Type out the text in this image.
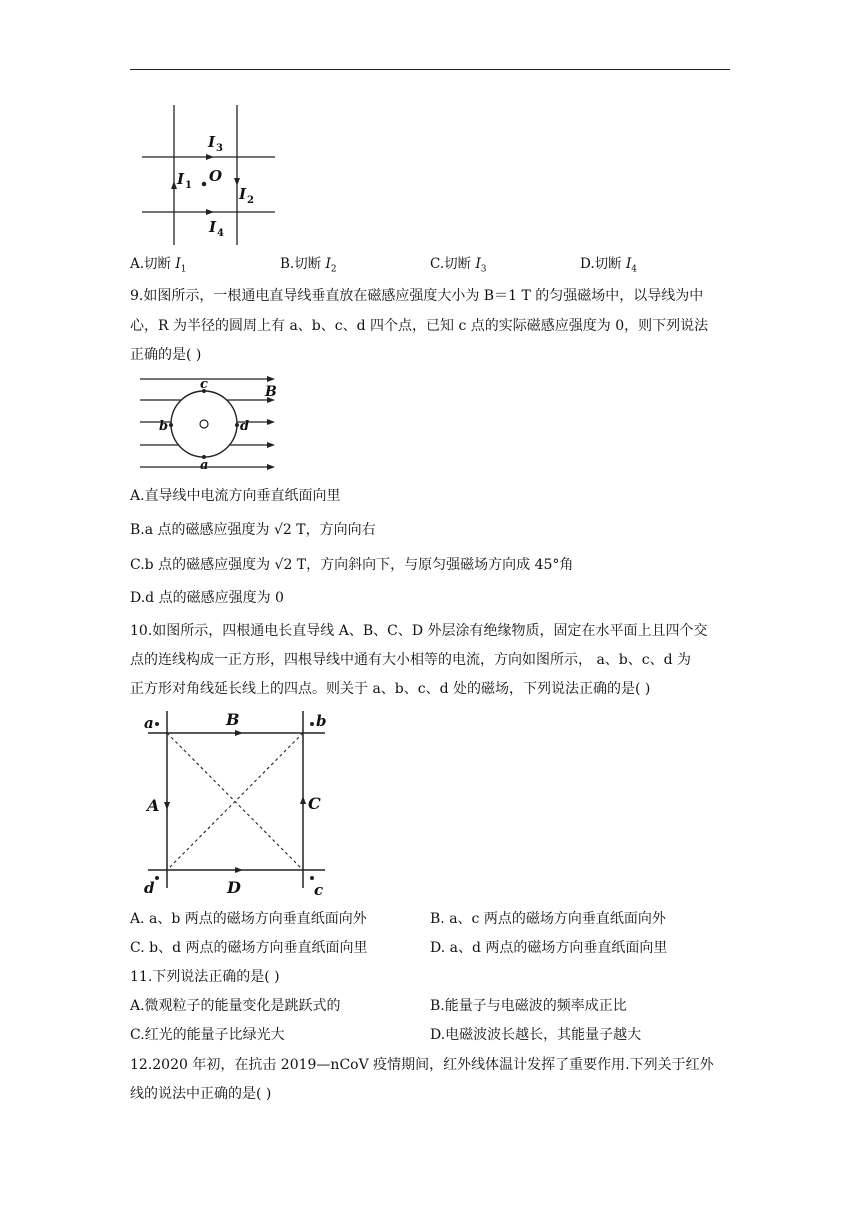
I 3
I 1
O
I 2
I 4
A.切断 $I_1$	B.切断 $I_2$	C.切断 $I_3$	D.切断 $I_4$
9.如图所示，一根通电直导线垂直放在磁感应强度大小为 B＝1 T 的匀强磁场中，以导线为中
心，R 为半径的圆周上有 a、b、c、d 四个点，已知 c 点的实际磁感应强度为 0，则下列说法
正确的是( )
c	B
b	d
a
A.直导线中电流方向垂直纸面向里
B.a 点的磁感应强度为 √2 T，方向向右
C.b 点的磁感应强度为 √2 T，方向斜向下，与原匀强磁场方向成 45°角
D.d 点的磁感应强度为 0
10.如图所示，四根通电长直导线 A、B、C、D 外层涂有绝缘物质，固定在水平面上且四个交
点的连线构成一正方形，四根导线中通有大小相等的电流，方向如图所示， a、b、c、d 为
正方形对角线延长线上的四点。则关于 a、b、c、d 处的磁场，下列说法正确的是( )
a	B	b
A	C
d	D	c
A. a、b 两点的磁场方向垂直纸面向外	B. a、c 两点的磁场方向垂直纸面向外
C. b、d 两点的磁场方向垂直纸面向里	D. a、d 两点的磁场方向垂直纸面向里
11.下列说法正确的是( )
A.微观粒子的能量变化是跳跃式的	B.能量子与电磁波的频率成正比
C.红光的能量子比绿光大	D.电磁波波长越长，其能量子越大
12.2020 年初，在抗击 2019—nCoV 疫情期间，红外线体温计发挥了重要作用.下列关于红外
线的说法中正确的是( )
